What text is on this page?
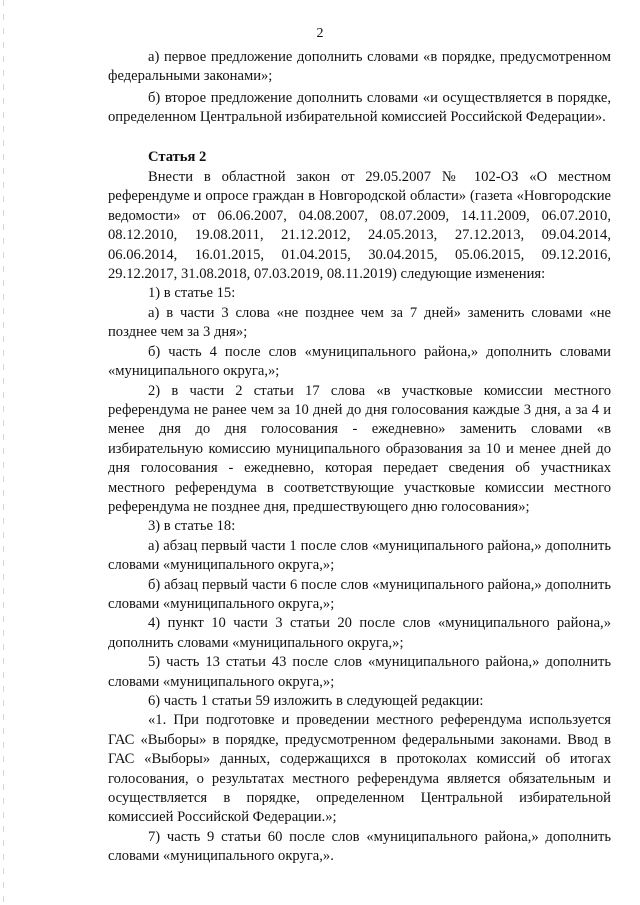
2

а) первое предложение дополнить словами «в порядке, предусмотренном федеральными законами»;

б) второе предложение дополнить словами «и осуществляется в порядке, определенном Центральной избирательной комиссией Российской Федерации».

Статья 2

Внести в областной закон от 29.05.2007 № 102-ОЗ «О местном референдуме и опросе граждан в Новгородской области» (газета «Новгородские ведомости» от 06.06.2007, 04.08.2007, 08.07.2009, 14.11.2009, 06.07.2010, 08.12.2010, 19.08.2011, 21.12.2012, 24.05.2013, 27.12.2013, 09.04.2014, 06.06.2014, 16.01.2015, 01.04.2015, 30.04.2015, 05.06.2015, 09.12.2016, 29.12.2017, 31.08.2018, 07.03.2019, 08.11.2019) следующие изменения:

1) в статье 15:

а) в части 3 слова «не позднее чем за 7 дней» заменить словами «не позднее чем за 3 дня»;

б) часть 4 после слов «муниципального района,» дополнить словами «муниципального округа,»;

2) в части 2 статьи 17 слова «в участковые комиссии местного референдума не ранее чем за 10 дней до дня голосования каждые 3 дня, а за 4 и менее дня до дня голосования - ежедневно» заменить словами «в избирательную комиссию муниципального образования за 10 и менее дней до дня голосования - ежедневно, которая передает сведения об участниках местного референдума в соответствующие участковые комиссии местного референдума не позднее дня, предшествующего дню голосования»;

3) в статье 18:

а) абзац первый части 1 после слов «муниципального района,» дополнить словами «муниципального округа,»;

б) абзац первый части 6 после слов «муниципального района,» дополнить словами «муниципального округа,»;

4) пункт 10 части 3 статьи 20 после слов «муниципального района,» дополнить словами «муниципального округа,»;

5) часть 13 статьи 43 после слов «муниципального района,» дополнить словами «муниципального округа,»;

6) часть 1 статьи 59 изложить в следующей редакции:

«1. При подготовке и проведении местного референдума используется ГАС «Выборы» в порядке, предусмотренном федеральными законами. Ввод в ГАС «Выборы» данных, содержащихся в протоколах комиссий об итогах голосования, о результатах местного референдума является обязательным и осуществляется в порядке, определенном Центральной избирательной комиссией Российской Федерации.»;

7) часть 9 статьи 60 после слов «муниципального района,» дополнить словами «муниципального округа,».
